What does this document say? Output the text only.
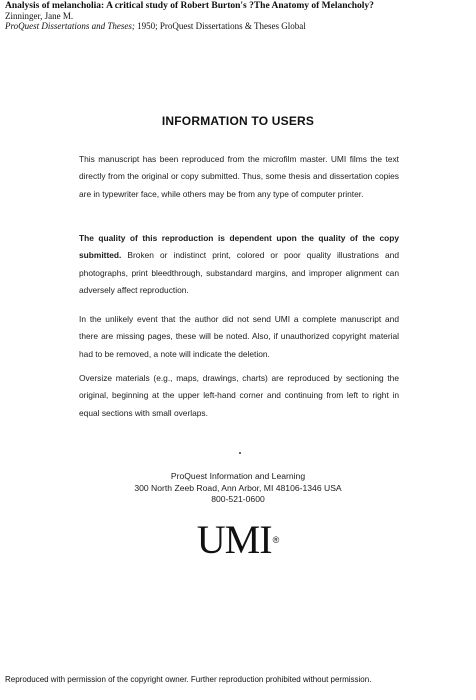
Analysis of melancholia: A critical study of Robert Burton's ?The Anatomy of Melancholy?
Zinninger, Jane M.
ProQuest Dissertations and Theses; 1950; ProQuest Dissertations & Theses Global
INFORMATION TO USERS
This manuscript has been reproduced from the microfilm master. UMI films the text directly from the original or copy submitted. Thus, some thesis and dissertation copies are in typewriter face, while others may be from any type of computer printer.
The quality of this reproduction is dependent upon the quality of the copy submitted. Broken or indistinct print, colored or poor quality illustrations and photographs, print bleedthrough, substandard margins, and improper alignment can adversely affect reproduction.
In the unlikely event that the author did not send UMI a complete manuscript and there are missing pages, these will be noted. Also, if unauthorized copyright material had to be removed, a note will indicate the deletion.
Oversize materials (e.g., maps, drawings, charts) are reproduced by sectioning the original, beginning at the upper left-hand corner and continuing from left to right in equal sections with small overlaps.
ProQuest Information and Learning
300 North Zeeb Road, Ann Arbor, MI 48106-1346 USA
800-521-0600
UMI®
Reproduced with permission of the copyright owner. Further reproduction prohibited without permission.
